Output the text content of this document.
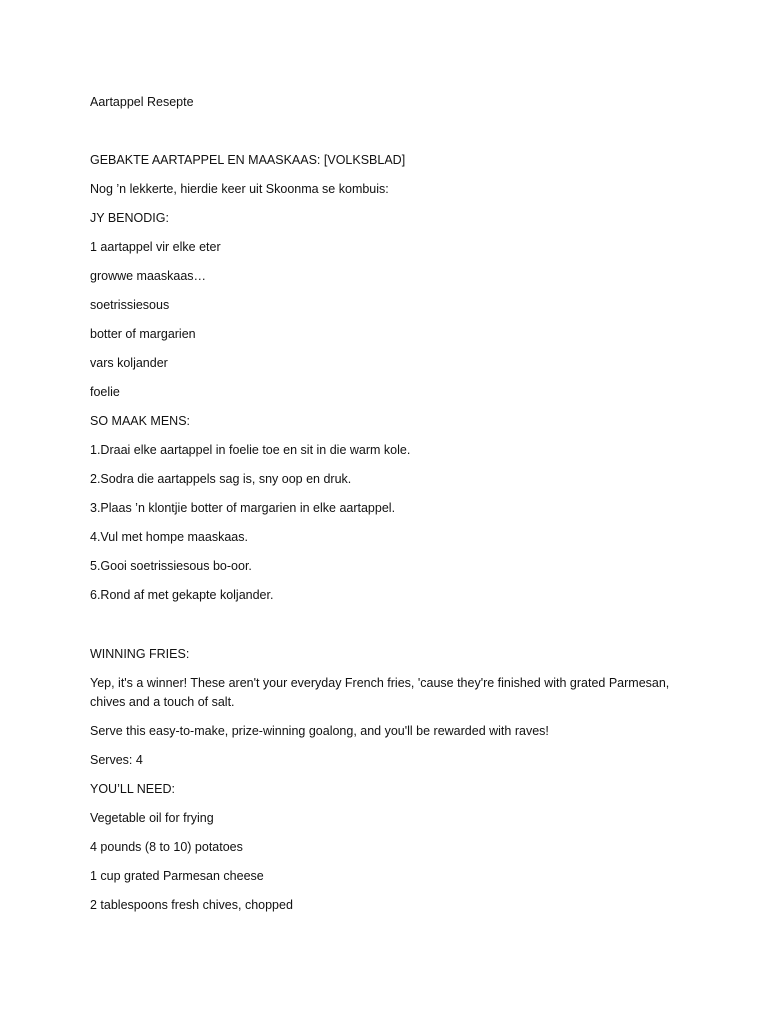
Aartappel Resepte
GEBAKTE AARTAPPEL EN MAASKAAS: [VOLKSBLAD]
Nog ’n lekkerte, hierdie keer uit Skoonma se kombuis:
JY BENODIG:
1 aartappel vir elke eter
growwe maaskaas…
soetrissiesous
botter of margarien
vars koljander
foelie
SO MAAK MENS:
1.Draai elke aartappel in foelie toe en sit in die warm kole.
2.Sodra die aartappels sag is, sny oop en druk.
3.Plaas ’n klontjie botter of margarien in elke aartappel.
4.Vul met hompe maaskaas.
5.Gooi soetrissiesous bo-oor.
6.Rond af met gekapte koljander.
WINNING FRIES:
Yep, it's a winner! These aren't your everyday French fries, 'cause they're finished with grated Parmesan,
chives and a touch of salt.
Serve this easy-to-make, prize-winning goalong, and you'll be rewarded with raves!
Serves: 4
YOU’LL NEED:
Vegetable oil for frying
4 pounds (8 to 10) potatoes
1 cup grated Parmesan cheese
2 tablespoons fresh chives, chopped
